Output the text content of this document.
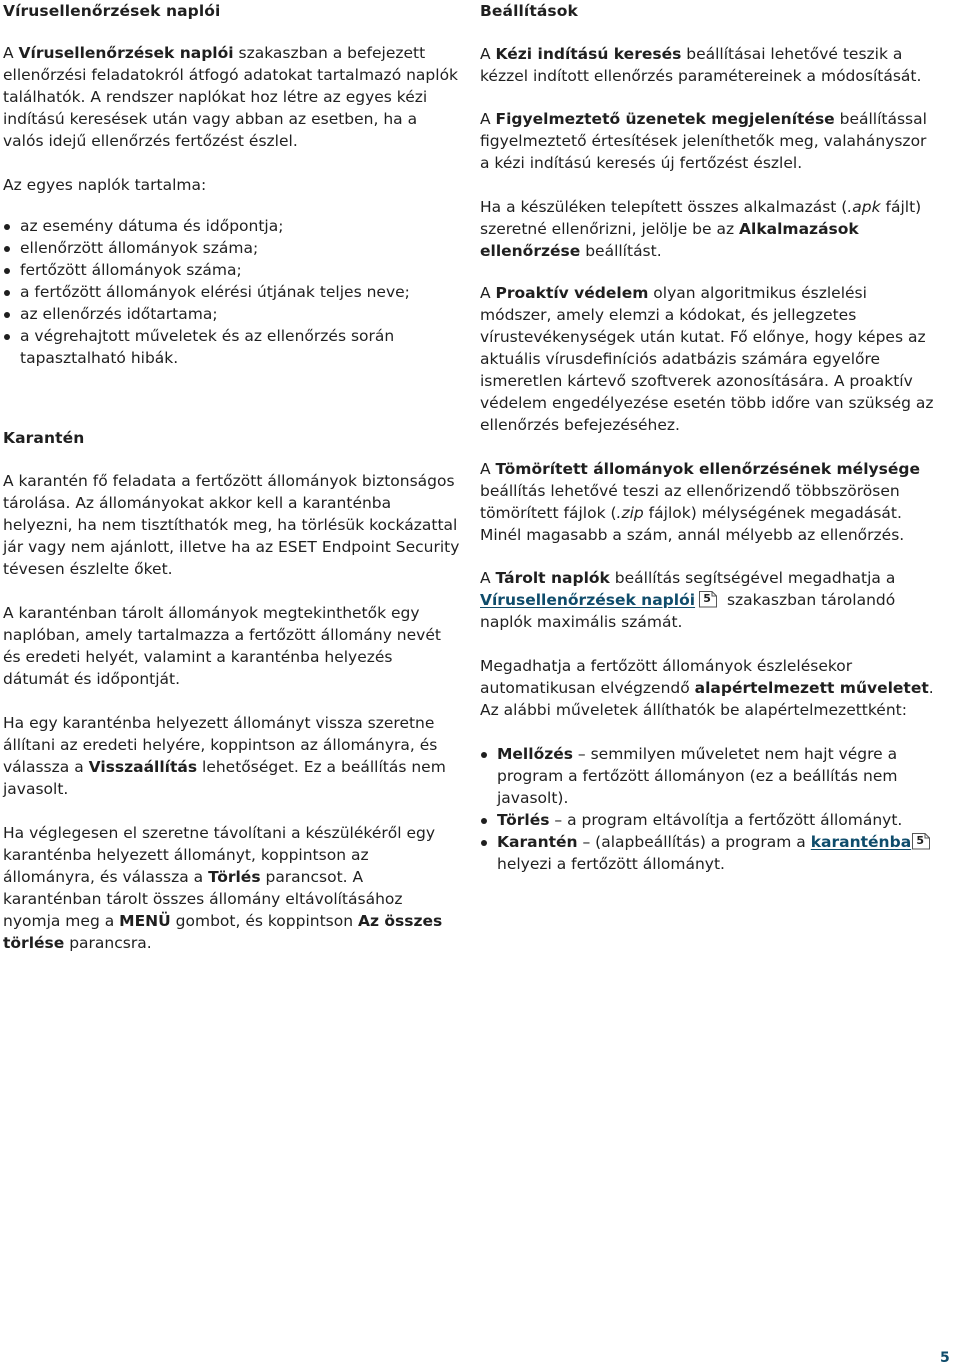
Vírusellenőrzések naplói

A Vírusellenőrzések naplói szakaszban a befejezett ellenőrzési feladatokról átfogó adatokat tartalmazó naplók találhatók. A rendszer naplókat hoz létre az egyes kézi indítású keresések után vagy abban az esetben, ha a valós idejű ellenőrzés fertőzést észlel.

Az egyes naplók tartalma:

az esemény dátuma és időpontja;
ellenőrzött állományok száma;
fertőzött állományok száma;
a fertőzött állományok elérési útjának teljes neve;
az ellenőrzés időtartama;
a végrehajtott műveletek és az ellenőrzés során tapasztalható hibák.
Karantén

A karantén fő feladata a fertőzött állományok biztonságos tárolása. Az állományokat akkor kell a karanténba helyezni, ha nem tisztíthatók meg, ha törlésük kockázattal jár vagy nem ajánlott, illetve ha az ESET Endpoint Security tévesen észlelte őket.

A karanténban tárolt állományok megtekinthetők egy naplóban, amely tartalmazza a fertőzött állomány nevét és eredeti helyét, valamint a karanténba helyezés dátumát és időpontját.

Ha egy karanténba helyezett állományt vissza szeretne állítani az eredeti helyére, koppintson az állományra, és válassza a Visszaállítás lehetőséget. Ez a beállítás nem javasolt.

Ha véglegesen el szeretne távolítani a készülékéről egy karanténba helyezett állományt, koppintson az állományra, és válassza a Törlés parancsot. A karanténban tárolt összes állomány eltávolításához nyomja meg a MENÜ gombot, és koppintson Az összes törlése parancsra.

Beállítások

A Kézi indítású keresés beállításai lehetővé teszik a kézzel indított ellenőrzés paramétereinek a módosítását.

A Figyelmeztető üzenetek megjelenítése beállítással figyelmeztető értesítések jeleníthetők meg, valahányszor a kézi indítású keresés új fertőzést észlel.

Ha a készüléken telepített összes alkalmazást (.apk fájlt) szeretné ellenőrizni, jelölje be az Alkalmazások ellenőrzése beállítást.

A Proaktív védelem olyan algoritmikus észlelési módszer, amely elemzi a kódokat, és jellegzetes vírustevékenységek után kutat. Fő előnye, hogy képes az aktuális vírusdefiníciós adatbázis számára egyelőre ismeretlen kártevő szoftverek azonosítására. A proaktív védelem engedélyezése esetén több időre van szükség az ellenőrzés befejezéséhez.

A Tömörített állományok ellenőrzésének mélysége beállítás lehetővé teszi az ellenőrizendő többszörösen tömörített fájlok (.zip fájlok) mélységének megadását. Minél magasabb a szám, annál mélyebb az ellenőrzés.

A Tárolt naplók beállítás segítségével megadhatja a Vírusellenőrzések naplói 5 szakaszban tárolandó naplók maximális számát.

Megadhatja a fertőzött állományok észlelésekor automatikusan elvégzendő alapértelmezett műveletet. Az alábbi műveletek állíthatók be alapértelmezettként:

Mellőzés – semmilyen műveletet nem hajt végre a program a fertőzött állományon (ez a beállítás nem javasolt).
Törlés – a program eltávolítja a fertőzött állományt.
Karantén – (alapbeállítás) a program a karanténba 5
helyezi a fertőzött állományt.
5
